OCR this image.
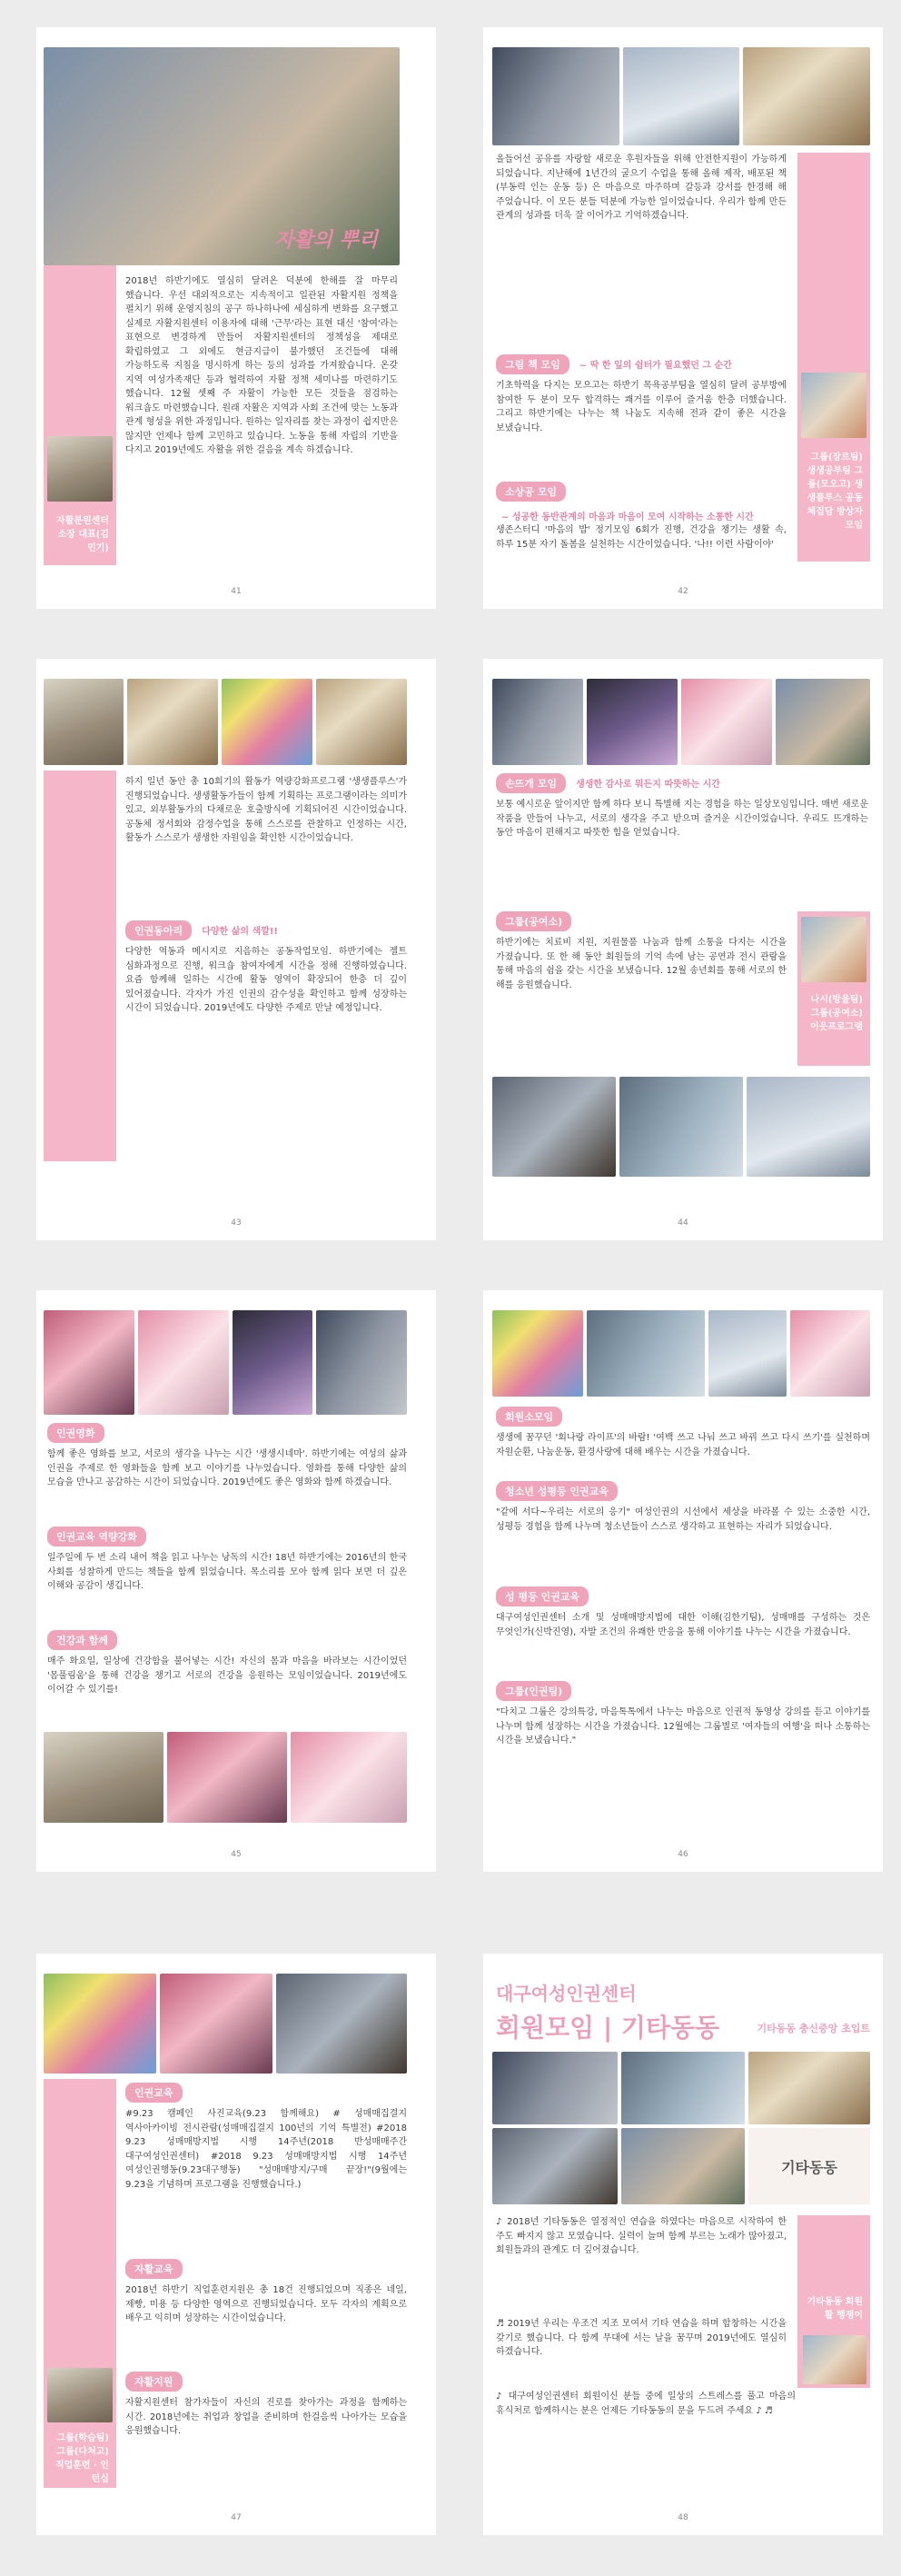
자활의 뿌리
자활분원센터 소장 대표(김민기)

2018년 하반기에도 열심히 달려온 덕분에 한해를 잘 마무리 했습니다. 우선 대외적으로는 지속적이고 일관된 자활지원 정책을 펼치기 위해 운영지침의 공구 하나하나에 세심하게 변화를 요구했고 실제로 자활지원센터 이용자에 대해 '근무'라는 표현 대신 '참여'라는 표현으로 변경하게 만들어 자활지원센터의 정책성을 제대로 확립하였고 그 외에도 현금지급이 불가했던 조건들에 대해 가능하도록 지침을 명시하게 하는 등의 성과를 가져왔습니다. 온갖 지역 여성가족재단 등과 협력하여 자활 정책 세미나를 마련하기도 했습니다. 12월 셋째 주 자활이 가능한 모든 것들을 점검하는 워크숍도 마련했습니다. 원래 자활은 지역과 사회 조건에 맞는 노동과 관계 형성을 위한 과정입니다. 원하는 일자리를 찾는 과정이 쉽지만은 않지만 언제나 함께 고민하고 있습니다. 노동을 통해 자립의 기반을 다지고 2019년에도 자활을 위한 걸음을 계속 하겠습니다.

41

올들어선 공유를 자랑할 새로운 후원자들을 위해 안전한지원이 가능하게 되었습니다. 지난해에 1년간의 굴으기 수업을 통해 올해 제작, 배포된 책 (부동력 인는 운동 등) 은 마음으로 마주하며 갈등과 강서를 한경해 해 주었습니다. 이 모든 분들 덕분에 가능한 일이었습니다. 우리가 함께 만든 관계의 성과를 더욱 잘 이어가고 기억하겠습니다.

그림 책 모임 ~ 딱 한 잎의 쉼터가 필요했던 그 순간

기초학력을 다지는 모으고는 하반기 목욕공부팀을 열심히 달려 공부방에 참여한 두 분이 모두 합격하는 쾌거를 이루어 즐거움 한층 더했습니다. 그리고 하반기에는 나누는 책 나눔도 지속해 전과 같이 좋은 시간을 보냈습니다.

소상공 모임 ~ 성공한 동반관계의 마음과 마음이 모여 시작하는 소통한 시간

생존스터디 '마음의 밥' 정기모임 6회가 진행, 건강을 챙기는 생활 속, 하루 15분 자기 돌봄을 실천하는 시간이었습니다. '나!! 이런 사람이야'

그룹(장르팀) 생생공부팀 그룹(모오고) 생생플루스 공동체집담 방상자모임
42

하지 일년 동안 총 10회기의 활동가 역량강화프로그램 '생생플루스'가 진행되었습니다. 생생활동가들이 함께 기획하는 프로그램이라는 의미가 있고, 외부활동가의 다채로운 호출방식에 기획되어진 시간이었습니다. 공동체 정서회와 감정수업을 통해 스스로를 관찰하고 인정하는 시간, 활동가 스스로가 생생한 자원임을 확인한 시간이었습니다.

인권동아리 다양한 삶의 색깔!!

다양한 역동과 메시지로 지음하는 공동작업모임. 하반기에는 젤트 심화과정으로 진행, 워크숍 참여자에게 시간을 정해 진행하였습니다. 요즘 함께해 일하는 시간에 활동 영역이 확장되어 한층 더 깊이 있어졌습니다. 각자가 가진 인권의 감수성을 확인하고 함께 성장하는 시간이 되었습니다. 2019년에도 다양한 주제로 만날 예정입니다.

43
손뜨개 모임 생생한 감사로 뭐든지 따뜻하는 시간

보통 예시로운 앞이지만 함께 하다 보니 특별해 지는 경험을 하는 일상모임입니다. 매번 새로운 작품을 만들어 나누고, 서로의 생각을 주고 받으며 즐거운 시간이었습니다. 우리도 뜨개하는 동안 마음이 편해지고 따뜻한 힘을 얻었습니다.

그룹(공여소)

하반기에는 치료비 지원, 지원물품 나눔과 함께 소통을 다지는 시간을 가졌습니다. 또 한 해 동안 회원들의 기억 속에 남는 공연과 전시 관람을 통해 마음의 쉼을 갖는 시간을 보냈습니다. 12월 송년회를 통해 서로의 한 해를 응원했습니다.

나시(방울팀) 그룹(공여소) 이웃프로그램
44
인권영화

함께 좋은 영화를 보고, 서로의 생각을 나누는 시간 '생생시네마'. 하반기에는 여성의 삶과 인권을 주제로 한 영화들을 함께 보고 이야기를 나누었습니다. 영화를 통해 다양한 삶의 모습을 만나고 공감하는 시간이 되었습니다. 2019년에도 좋은 영화와 함께 하겠습니다.

인권교육 역량강화

일주일에 두 번 소리 내어 책을 읽고 나누는 낭독의 시간! 18년 하반기에는 2016년의 한국 사회를 성찰하게 만드는 책들을 함께 읽었습니다. 목소리를 모아 함께 읽다 보면 더 깊은 이해와 공감이 생깁니다.

건강과 함께

매주 화요일, 일상에 건강함을 불어넣는 시간! 자신의 몸과 마음을 바라보는 시간이었던 '몸풀림움'을 통해 건강을 챙기고 서로의 건강을 응원하는 모임이었습니다. 2019년에도 이어갈 수 있기를!

45
회원소모임

생생에 꿈꾸던 '회나랑 라이프'의 바람! '여백 쓰고 나눠 쓰고 바꿔 쓰고 다시 쓰기'를 실천하며 자원순환, 나눔운동, 환경사랑에 대해 배우는 시간을 가졌습니다.

청소년 성평등 인권교육

"같에 서다~우리는 서로의 응기" 여성인권의 시선에서 세상을 바라볼 수 있는 소중한 시간, 성평등 경험을 함께 나누며 청소년들이 스스로 생각하고 표현하는 자리가 되었습니다.

성 평등 인권교육

대구여성인권센터 소개 및 성매매방지법에 대한 이해(김한기팀), 성매매를 구성하는 것은 무엇인가(신박진영), 자발 조건의 유쾌한 반응을 통해 이야기를 나누는 시간을 가졌습니다.

그룹(인권팀)

"다치고 그룹은 강의특강, 마음톡톡에서 나누는 마음으로 인권적 동영상 강의를 듣고 이야기를 나누며 함께 성장하는 시간을 가졌습니다. 12월에는 그룹별로 '여자들의 여행'을 떠나 소통하는 시간을 보냈습니다."

46
인권교육

#9.23 캠페인 사진교육(9.23 함께해요) # 성매매집결지 역사아카이빙 전시관람(성매매집결지 100년의 기억 특별전) #2018 9.23 성매매방지법 시행 14주년(2018 반성매매주간 대구여성인권센터) #2018 9.23 성매매방지법 시행 14주년 여성인권행동(9.23대구행동) "성매매방지/구매 끝장!"(9월에는 9.23을 기념하며 프로그램을 진행했습니다.)

자활교육

2018년 하반기 직업훈련지원은 총 18건 진행되었으며 직종은 네일, 제빵, 미용 등 다양한 영역으로 진행되었습니다. 모두 각자의 계획으로 배우고 익히며 성장하는 시간이었습니다.

자활지원

자활지원센터 참가자들이 자신의 진로를 찾아가는 과정을 함께하는 시간. 2018년에는 취업과 창업을 준비하며 한걸음씩 나아가는 모습을 응원했습니다.

그룹(학습팀) 그룹(다처고) 직업훈련 · 인턴십
47
대구여성인권센터
회원모임 | 기타동동	기타동동 충신중앙 초입트
기타동동

♪ 2018년 기타동동은 열정적인 연습을 하였다는 마음으로 시작하여 한 주도 빠지지 않고 모였습니다. 실력이 늘며 함께 부르는 노래가 많아졌고, 회원들과의 관계도 더 깊어졌습니다.

♬ 2019년 우리는 우조건 지조 모여서 기타 연습을 하며 합창하는 시간을 갖기로 했습니다. 다 함께 무대에 서는 날을 꿈꾸며 2019년에도 열심히 하겠습니다.

♪ 대구여성인권센터 회원이신 분들 중에 일상의 스트레스를 풀고 마음의 휴식처로 함께하시는 분은 언제든 기타동동의 문을 두드려 주세요 ♪ ♬

기타동동 회원활 행쟁이
48
